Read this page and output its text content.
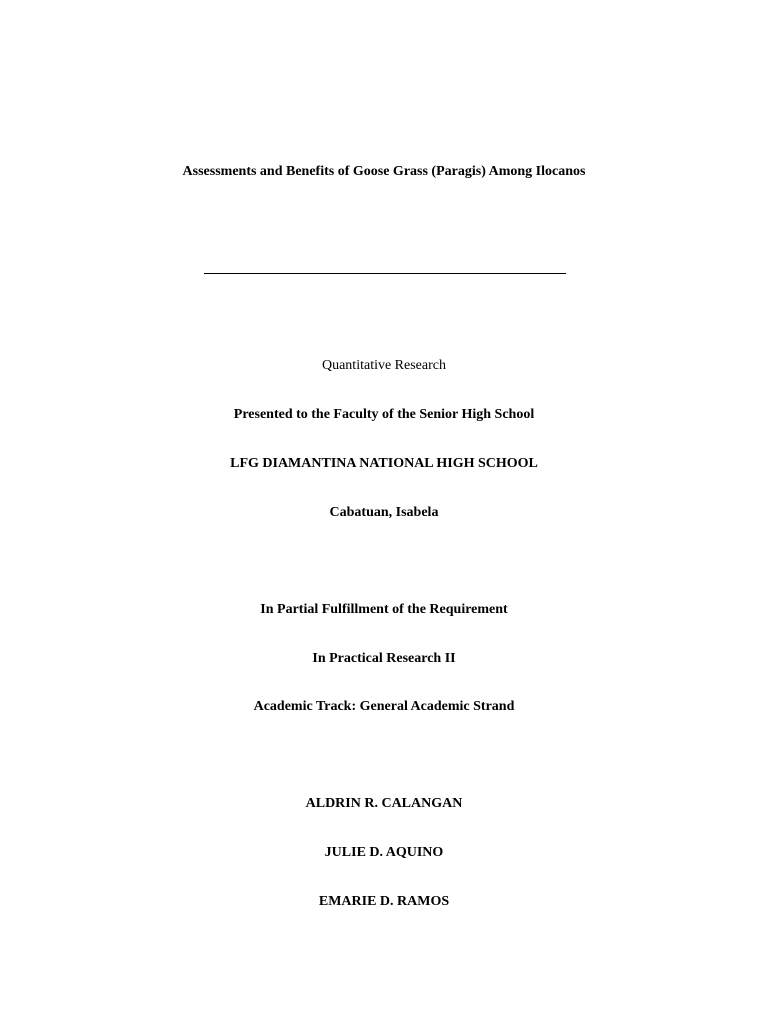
Assessments and Benefits of Goose Grass (Paragis) Among Ilocanos
Quantitative Research
Presented to the Faculty of the Senior High School
LFG DIAMANTINA NATIONAL HIGH SCHOOL
Cabatuan, Isabela
In Partial Fulfillment of the Requirement
In Practical Research II
Academic Track: General Academic Strand
ALDRIN R. CALANGAN
JULIE D. AQUINO
EMARIE D. RAMOS
